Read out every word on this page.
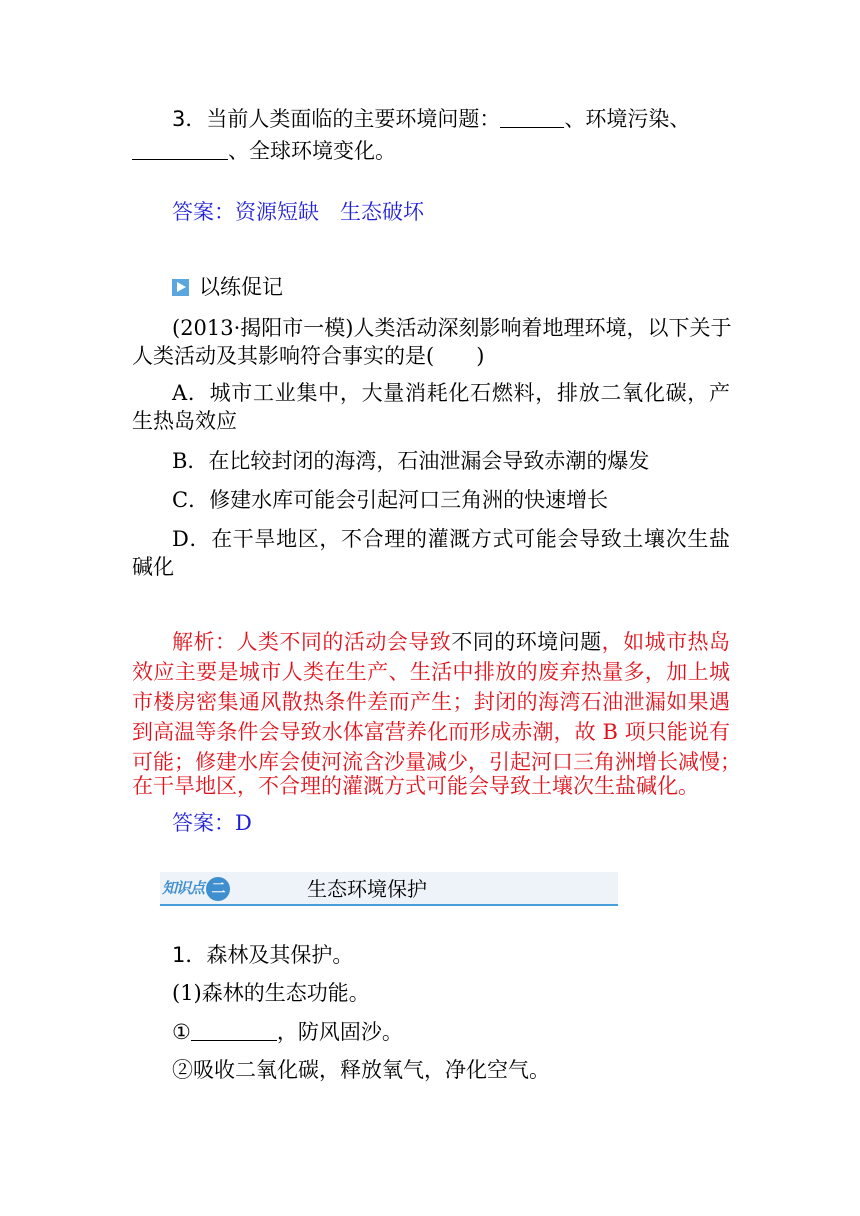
3．当前人类面临的主要环境问题：	、环境污染、
、全球环境变化。
答案：资源短缺　生态破坏
以练促记
(2013·揭阳市一模)人类活动深刻影响着地理环境，以下关于
人类活动及其影响符合事实的是(　　)
A．城市工业集中，大量消耗化石燃料，排放二氧化碳，产
生热岛效应
B．在比较封闭的海湾，石油泄漏会导致赤潮的爆发
C．修建水库可能会引起河口三角洲的快速增长
D．在干旱地区，不合理的灌溉方式可能会导致土壤次生盐
碱化
解析：人类不同的活动会导致不同的环境问题，如城市热岛
效应主要是城市人类在生产、生活中排放的废弃热量多，加上城
市楼房密集通风散热条件差而产生；封闭的海湾石油泄漏如果遇
到高温等条件会导致水体富营养化而形成赤潮，故 B 项只能说有
可能；修建水库会使河流含沙量减少，引起河口三角洲增长减慢；
在干旱地区，不合理的灌溉方式可能会导致土壤次生盐碱化。
答案：D
知识点 二	生态环境保护
1．森林及其保护。
(1)森林的生态功能。
①	，防风固沙。
②吸收二氧化碳，释放氧气，净化空气。
